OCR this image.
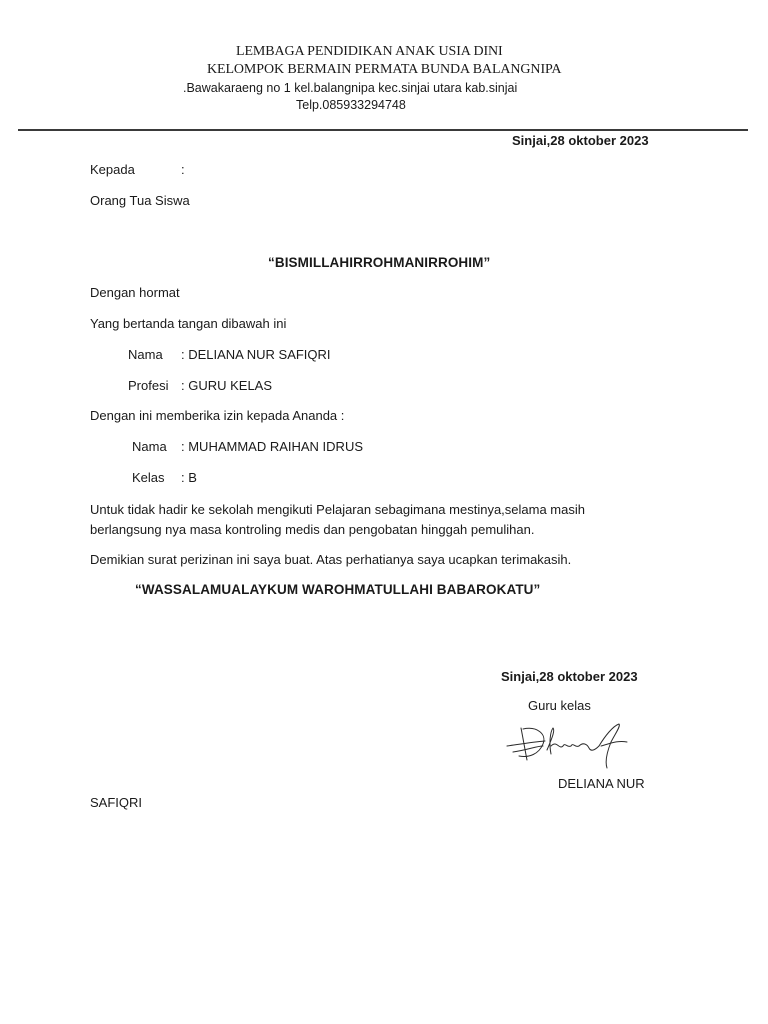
LEMBAGA PENDIDIKAN ANAK USIA DINI
KELOMPOK BERMAIN PERMATA BUNDA BALANGNIPA
.Bawakaraeng no 1 kel.balangnipa kec.sinjai utara kab.sinjai
Telp.085933294748
Sinjai,28 oktober 2023
Kepada	:
Orang Tua Siswa
“BISMILLAHIRROHMANIRROHIM”
Dengan hormat
Yang bertanda tangan dibawah ini
Nama : DELIANA NUR SAFIQRI
Profesi : GURU KELAS
Dengan ini memberika izin kepada Ananda :
Nama : MUHAMMAD RAIHAN IDRUS
Kelas : B
Untuk tidak hadir ke sekolah mengikuti Pelajaran sebagimana mestinya,selama masih berlangsung nya masa kontroling medis dan pengobatan hinggah pemulihan.
Demikian surat perizinan ini saya buat. Atas perhatianya saya ucapkan terimakasih.
“WASSALAMUALAYKUM WAROHMATULLAHI BABAROKATU”
Sinjai,28 oktober 2023
Guru kelas
DELIANA NUR
SAFIQRI
